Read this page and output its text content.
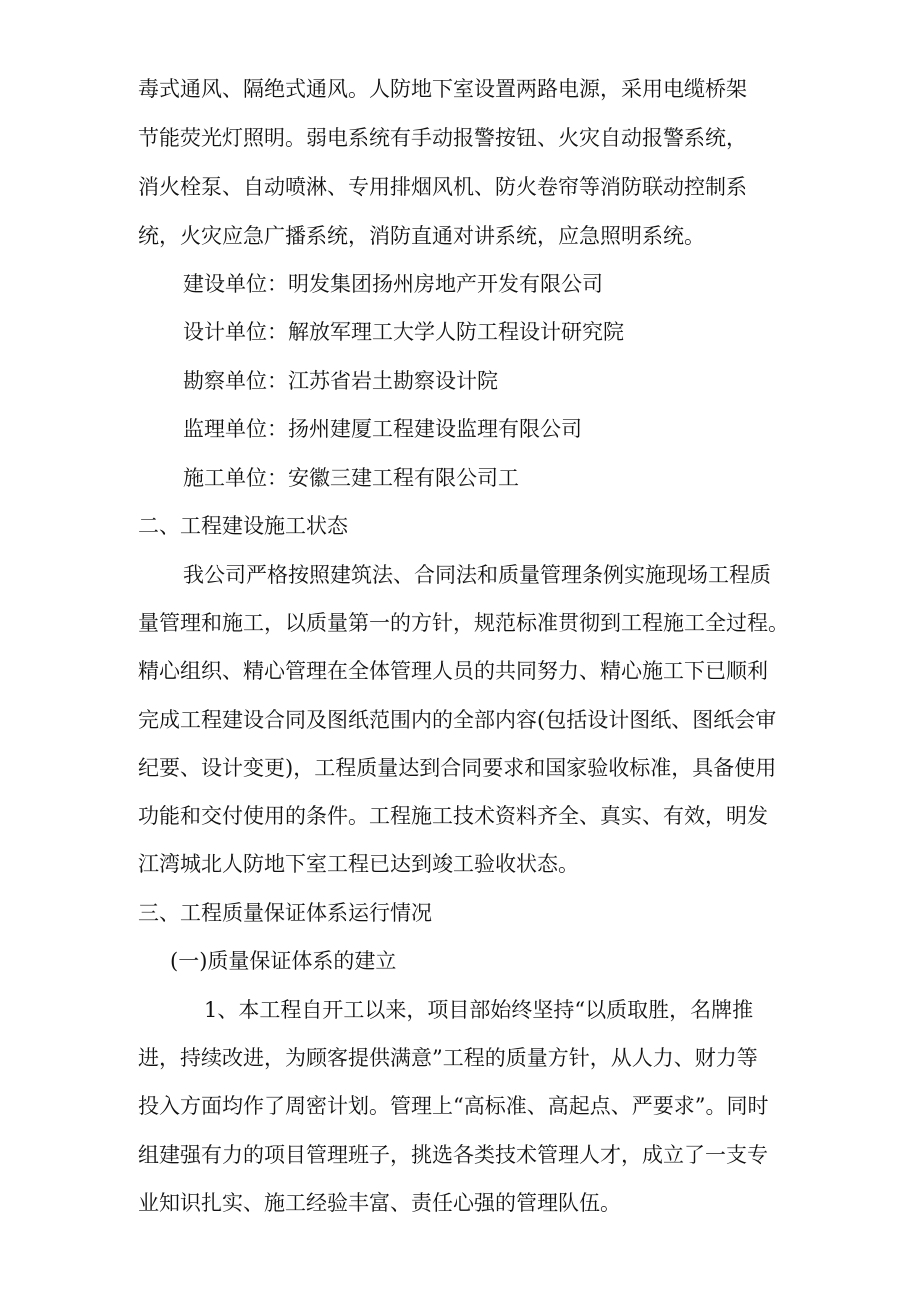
毒式通风、隔绝式通风。人防地下室设置两路电源，采用电缆桥架
节能荧光灯照明。弱电系统有手动报警按钮、火灾自动报警系统，
消火栓泵、自动喷淋、专用排烟风机、防火卷帘等消防联动控制系
统，火灾应急广播系统，消防直通对讲系统，应急照明系统。
建设单位：明发集团扬州房地产开发有限公司
设计单位：解放军理工大学人防工程设计研究院
勘察单位：江苏省岩土勘察设计院
监理单位：扬州建厦工程建设监理有限公司
施工单位：安徽三建工程有限公司工
二、工程建设施工状态
我公司严格按照建筑法、合同法和质量管理条例实施现场工程质
量管理和施工，以质量第一的方针，规范标准贯彻到工程施工全过程。
精心组织、精心管理在全体管理人员的共同努力、精心施工下已顺利
完成工程建设合同及图纸范围内的全部内容(包括设计图纸、图纸会审
纪要、设计变更)，工程质量达到合同要求和国家验收标准，具备使用
功能和交付使用的条件。工程施工技术资料齐全、真实、有效，明发
江湾城北人防地下室工程已达到竣工验收状态。
三、工程质量保证体系运行情况
(一)质量保证体系的建立
1、本工程自开工以来，项目部始终坚持“以质取胜，名牌推
进，持续改进，为顾客提供满意”工程的质量方针，从人力、财力等
投入方面均作了周密计划。管理上“高标准、高起点、严要求”。同时
组建强有力的项目管理班子，挑选各类技术管理人才，成立了一支专
业知识扎实、施工经验丰富、责任心强的管理队伍。
